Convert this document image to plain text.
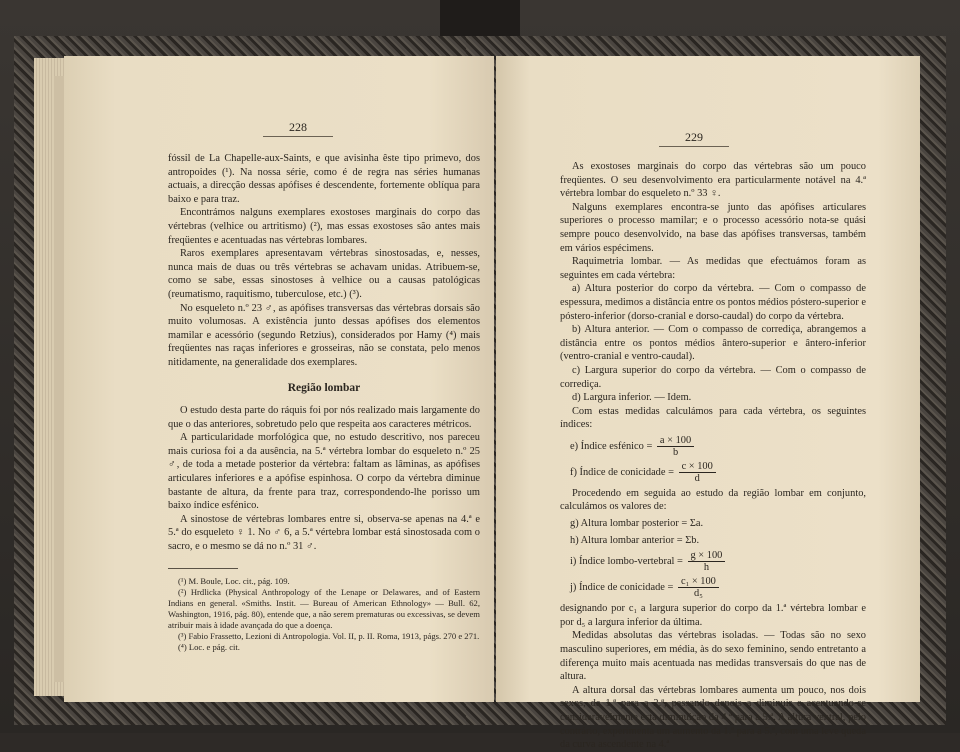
228

fóssil de La Chapelle-aux-Saints, e que avisinha êste tipo primevo, dos antropoides (¹). Na nossa série, como é de regra nas séries humanas actuais, a direcção dessas apófises é descendente, fortemente oblíqua para baixo e para traz.

Encontrámos nalguns exemplares exostoses marginais do corpo das vértebras (velhice ou artritismo) (²), mas essas exostoses são antes mais freqüentes e acentuadas nas vértebras lombares.

Raros exemplares apresentavam vértebras sinostosadas, e, nesses, nunca mais de duas ou três vértebras se achavam unidas. Atribuem-se, como se sabe, essas sinostoses à velhice ou a causas patológicas (reumatismo, raquitismo, tuberculose, etc.) (³).

No esqueleto n.º 23 ♂, as apófises transversas das vértebras dorsais são muito volumosas. A existência junto dessas apófises dos elementos mamilar e acessório (segundo Retzius), considerados por Hamy (⁴) mais freqüentes nas raças inferiores e grosseiras, não se constata, pelo menos nitidamente, na generalidade dos exemplares.

Região lombar

O estudo desta parte do ráquis foi por nós realizado mais largamente do que o das anteriores, sobretudo pelo que respeita aos caracteres métricos.

A particularidade morfológica que, no estudo descritivo, nos pareceu mais curiosa foi a da ausência, na 5.ª vértebra lombar do esqueleto n.º 25 ♂, de toda a metade posterior da vértebra: faltam as lâminas, as apófises articulares inferiores e a apófise espinhosa. O corpo da vértebra diminue bastante de altura, da frente para traz, correspondendo-lhe porisso um baixo índice esfénico.

A sinostose de vértebras lombares entre si, observa-se apenas na 4.ª e 5.ª do esqueleto ♀ 1. No ♂ 6, a 5.ª vértebra lombar está sinostosada com o sacro, e o mesmo se dá no n.º 31 ♂.

(¹) M. Boule, Loc. cit., pág. 109.

(²) Hrdlicka (Physical Anthropology of the Lenape or Delawares, and of Eastern Indians en general. «Smiths. Instit. — Bureau of American Ethnology» — Bull. 62, Washington, 1916, pág. 80), entende que, a não serem prematuras ou excessivas, se devem atribuir mais à idade avançada do que a doença.

(³) Fabio Frassetto, Lezioni di Antropologia. Vol. II, p. II. Roma, 1913, págs. 270 e 271.

(⁴) Loc. e pág. cit.

229

As exostoses marginais do corpo das vértebras são um pouco freqüentes. O seu desenvolvimento era particularmente notável na 4.ª vértebra lombar do esqueleto n.º 33 ♀.

Nalguns exemplares encontra-se junto das apófises articulares superiores o processo mamilar; e o processo acessório nota-se quási sempre pouco desenvolvido, na base das apófises transversas, também em vários espécimens.

Raquimetria lombar. — As medidas que efectuámos foram as seguintes em cada vértebra:

a) Altura posterior do corpo da vértebra. — Com o compasso de espessura, medimos a distância entre os pontos médios póstero-superior e póstero-inferior (dorso-cranial e dorso-caudal) do corpo da vértebra.

b) Altura anterior. — Com o compasso de corrediça, abrangemos a distância entre os pontos médios ântero-superior e ântero-inferior (ventro-cranial e ventro-caudal).

c) Largura superior do corpo da vértebra. — Com o compasso de corrediça.

d) Largura inferior. — Idem.

Com estas medidas calculámos para cada vértebra, os seguintes índices:

e) Índice esfénico = $\frac{a \times 100}{b}$
f) Índice de conicidade = $\frac{c \times 100}{d}$

Procedendo em seguida ao estudo da região lombar em conjunto, calculámos os valores de:

g) Altura lombar posterior = Σa.
h) Altura lombar anterior = Σb.
i) Índice lombo-vertebral = $\frac{g \times 100}{h}$
j) Índice de conicidade = $\frac{\text{c₁ × 100}}{\text{d₅}}$

designando por c₁ a largura superior do corpo da 1.ª vértebra lombar e por d₅ a largura inferior da última.

Medidas absolutas das vértebras isoladas. — Todas são no sexo masculino superiores, em média, às do sexo feminino, sendo entretanto a diferença muito mais acentuada nas medidas transversais do que nas de altura.

A altura dorsal das vértebras lombares aumenta um pouco, nos dois sexos, da 1.ª para a 2.ª, passando depois a diminuir e acentuando-se consideràvelmente esta diminuição da 4.ª para a 5.ª. A altura ventral, pelo contrário, experimenta um aumento da 1.ª para a 5.ª, com uma leve queda da curva ascendente na 4.ª
